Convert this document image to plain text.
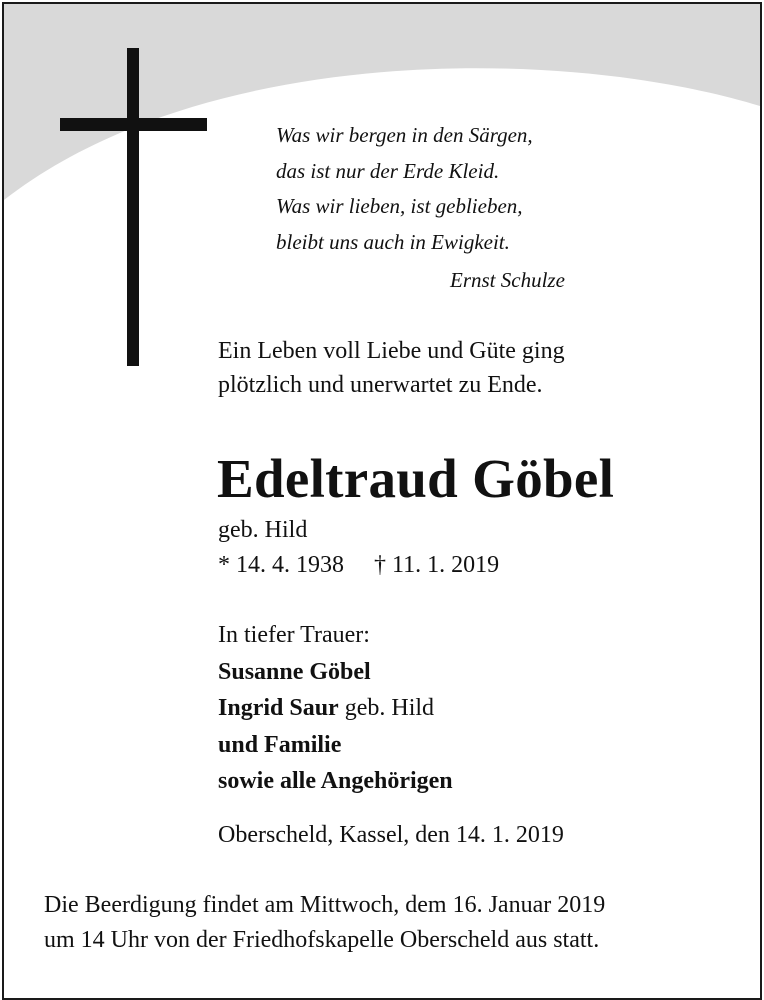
Was wir bergen in den Särgen,
das ist nur der Erde Kleid.
Was wir lieben, ist geblieben,
bleibt uns auch in Ewigkeit.
Ernst Schulze
Ein Leben voll Liebe und Güte ging
plötzlich und unerwartet zu Ende.
Edeltraud Göbel
geb. Hild
* 14. 4. 1938 † 11. 1. 2019
In tiefer Trauer:
Susanne Göbel
Ingrid Saur geb. Hild
und Familie
sowie alle Angehörigen
Oberscheld, Kassel, den 14. 1. 2019
Die Beerdigung findet am Mittwoch, dem 16. Januar 2019
um 14 Uhr von der Friedhofskapelle Oberscheld aus statt.
